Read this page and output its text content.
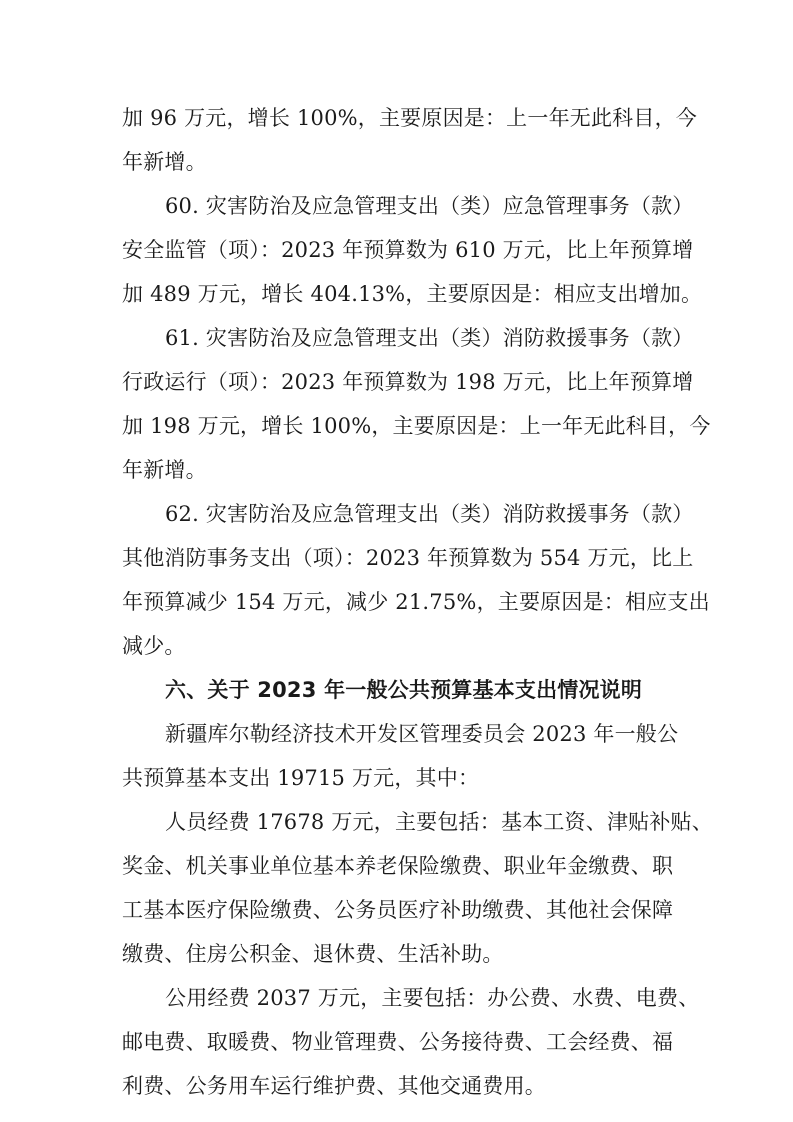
加 96 万元，增长 100%，主要原因是：上一年无此科目，今
年新增。
60. 灾害防治及应急管理支出（类）应急管理事务（款）
安全监管（项）：2023 年预算数为 610 万元，比上年预算增
加 489 万元，增长 404.13%，主要原因是：相应支出增加。
61. 灾害防治及应急管理支出（类）消防救援事务（款）
行政运行（项）：2023 年预算数为 198 万元，比上年预算增
加 198 万元，增长 100%，主要原因是：上一年无此科目，今
年新增。
62. 灾害防治及应急管理支出（类）消防救援事务（款）
其他消防事务支出（项）：2023 年预算数为 554 万元，比上
年预算减少 154 万元，减少 21.75%，主要原因是：相应支出
减少。
六、关于 2023 年一般公共预算基本支出情况说明
新疆库尔勒经济技术开发区管理委员会 2023 年一般公
共预算基本支出 19715 万元，其中：
人员经费 17678 万元，主要包括：基本工资、津贴补贴、
奖金、机关事业单位基本养老保险缴费、职业年金缴费、职
工基本医疗保险缴费、公务员医疗补助缴费、其他社会保障
缴费、住房公积金、退休费、生活补助。
公用经费 2037 万元，主要包括：办公费、水费、电费、
邮电费、取暖费、物业管理费、公务接待费、工会经费、福
利费、公务用车运行维护费、其他交通费用。
